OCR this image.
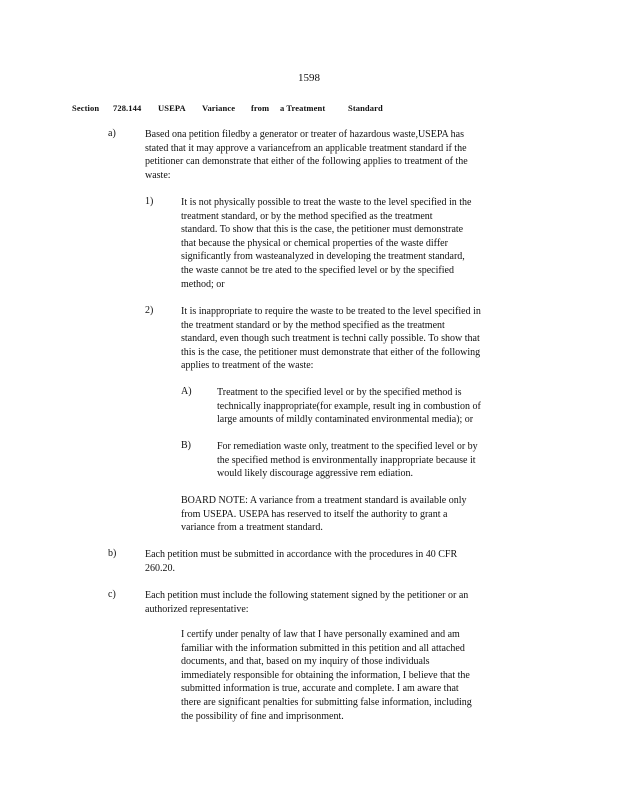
1598
Section 728.144 USEPA Variance from a Treatment	Standard
a)	Based ona petition filedby a generator or treater of hazardous waste,USEPA has
stated that it may approve a variancefrom an applicable treatment standard if the
petitioner can demonstrate that either of the following applies to treatment of the
waste:
1)	It is not physically possible to treat the waste to the level specified in the
treatment standard, or by the method specified as the treatment
standard. To show that this is the case, the petitioner must demonstrate
that because the physical or chemical properties of the waste differ
significantly from wasteanalyzed in developing the treatment standard,
the waste cannot be tre ated to the specified level or by the specified
method; or
2)	It is inappropriate to require the waste to be treated to the level specified in
the treatment standard or by the method specified as the treatment
standard, even though such treatment is techni cally possible. To show that
this is the case, the petitioner must demonstrate that either of the following
applies to treatment of the waste:
A)	Treatment to the specified level or by the specified method is
technically inappropriate(for example, result ing in combustion of
large amounts of mildly contaminated environmental media); or
B)	For remediation waste only, treatment to the specified level or by
the specified method is environmentally inappropriate because it
would likely discourage aggressive rem ediation.
BOARD NOTE: A variance from a treatment standard is available only
from USEPA. USEPA has reserved to itself the authority to grant a
variance from a treatment standard.
b)	Each petition must be submitted in accordance with the procedures in 40 CFR
260.20.
c)	Each petition must include the following statement signed by the petitioner or an
authorized representative:
I certify under penalty of law that I have personally examined and am
familiar with the information submitted in this petition and all attached
documents, and that, based on my inquiry of those individuals
immediately responsible for obtaining the information, I believe that the
submitted information is true, accurate and complete. I am aware that
there are significant penalties for submitting false information, including
the possibility of fine and imprisonment.
